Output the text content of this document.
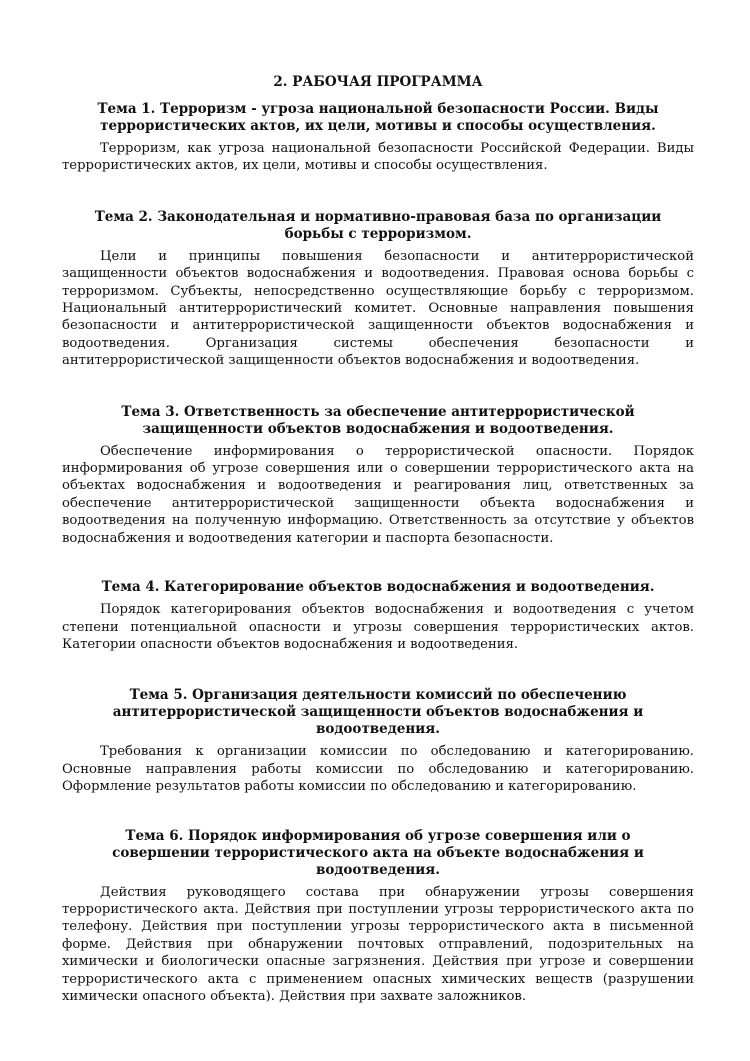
2. РАБОЧАЯ ПРОГРАММА
Тема 1. Терроризм - угроза национальной безопасности России. Виды террористических актов, их цели, мотивы и способы осуществления.

Терроризм, как угроза национальной безопасности Российской Федерации. Виды террористических актов, их цели, мотивы и способы осуществления.

Тема 2. Законодательная и нормативно-правовая база по организации борьбы с терроризмом.

Цели и принципы повышения безопасности и антитеррористической защищенности объектов водоснабжения и водоотведения. Правовая основа борьбы с терроризмом. Субъекты, непосредственно осуществляющие борьбу с терроризмом. Национальный антитеррористический комитет. Основные направления повышения безопасности и антитеррористической защищенности объектов водоснабжения и водоотведения. Организация системы обеспечения безопасности и антитеррористической защищенности объектов водоснабжения и водоотведения.

Тема 3. Ответственность за обеспечение антитеррористической защищенности объектов водоснабжения и водоотведения.

Обеспечение информирования о террористической опасности. Порядок информирования об угрозе совершения или о совершении террористического акта на объектах водоснабжения и водоотведения и реагирования лиц, ответственных за обеспечение антитеррористической защищенности объекта водоснабжения и водоотведения на полученную информацию. Ответственность за отсутствие у объектов водоснабжения и водоотведения категории и паспорта безопасности.

Тема 4. Категорирование объектов водоснабжения и водоотведения.

Порядок категорирования объектов водоснабжения и водоотведения с учетом степени потенциальной опасности и угрозы совершения террористических актов. Категории опасности объектов водоснабжения и водоотведения.

Тема 5. Организация деятельности комиссий по обеспечению антитеррористической защищенности объектов водоснабжения и водоотведения.

Требования к организации комиссии по обследованию и категорированию. Основные направления работы комиссии по обследованию и категорированию. Оформление результатов работы комиссии по обследованию и категорированию.

Тема 6. Порядок информирования об угрозе совершения или о совершении террористического акта на объекте водоснабжения и водоотведения.

Действия руководящего состава при обнаружении угрозы совершения террористического акта. Действия при поступлении угрозы террористического акта по телефону. Действия при поступлении угрозы террористического акта в письменной форме. Действия при обнаружении почтовых отправлений, подозрительных на химически и биологически опасные загрязнения. Действия при угрозе и совершении террористического акта с применением опасных химических веществ (разрушении химически опасного объекта). Действия при захвате заложников.
